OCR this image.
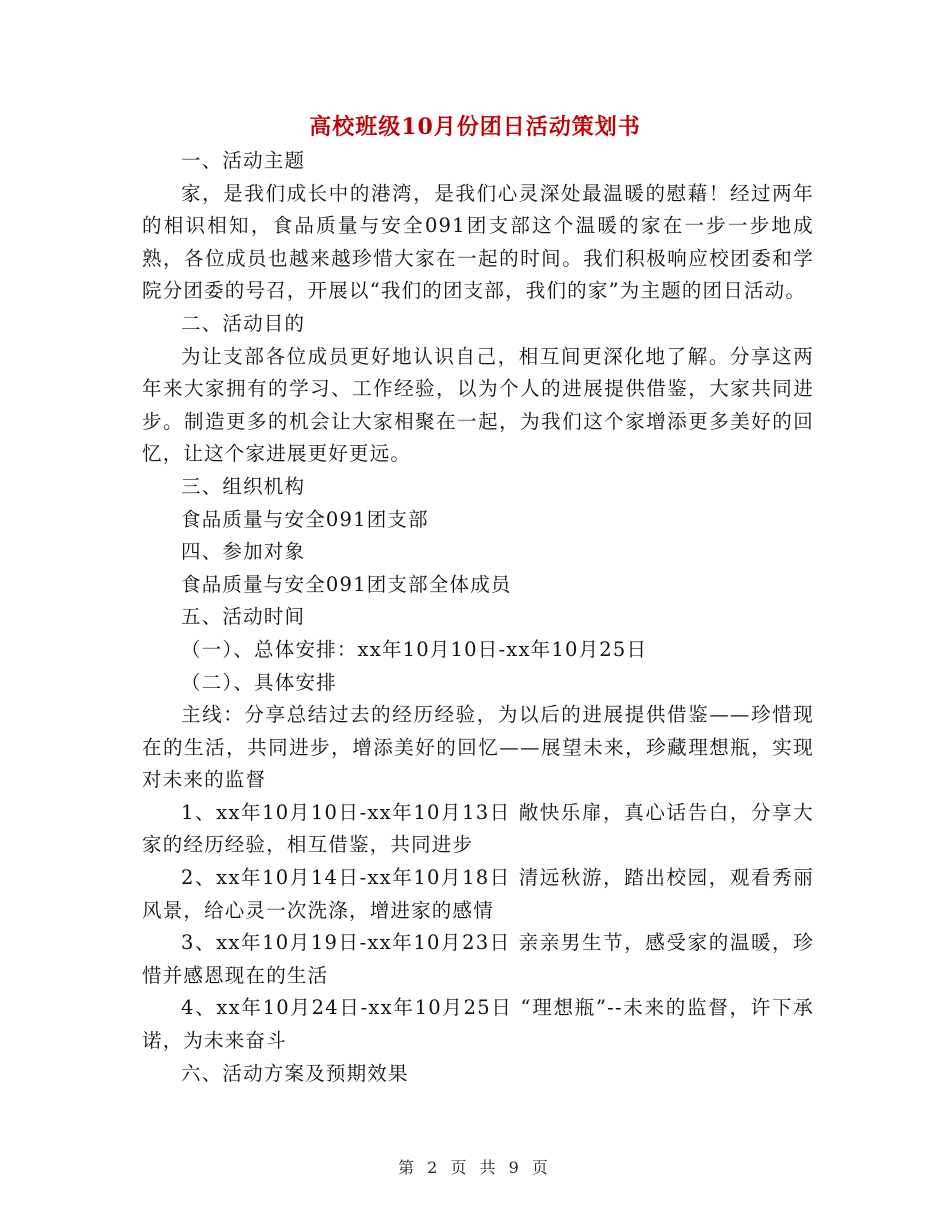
高校班级10月份团日活动策划书

一、活动主题

家，是我们成长中的港湾，是我们心灵深处最温暖的慰藉！经过两年的相识相知，食品质量与安全091团支部这个温暖的家在一步一步地成熟，各位成员也越来越珍惜大家在一起的时间。我们积极响应校团委和学院分团委的号召，开展以“我们的团支部，我们的家”为主题的团日活动。

二、活动目的

为让支部各位成员更好地认识自己，相互间更深化地了解。分享这两年来大家拥有的学习、工作经验，以为个人的进展提供借鉴，大家共同进步。制造更多的机会让大家相聚在一起，为我们这个家增添更多美好的回忆，让这个家进展更好更远。

三、组织机构

食品质量与安全091团支部

四、参加对象

食品质量与安全091团支部全体成员

五、活动时间

（一）、总体安排：xx年10月10日-xx年10月25日

（二）、具体安排

主线：分享总结过去的经历经验，为以后的进展提供借鉴——珍惜现在的生活，共同进步，增添美好的回忆——展望未来，珍藏理想瓶，实现对未来的监督

1、xx年10月10日-xx年10月13日 敞快乐扉，真心话告白，分享大家的经历经验，相互借鉴，共同进步

2、xx年10月14日-xx年10月18日 清远秋游，踏出校园，观看秀丽风景，给心灵一次洗涤，增进家的感情

3、xx年10月19日-xx年10月23日 亲亲男生节，感受家的温暖，珍惜并感恩现在的生活

4、xx年10月24日-xx年10月25日 “理想瓶”--未来的监督，许下承诺，为未来奋斗

六、活动方案及预期效果

第 2 页 共 9 页
